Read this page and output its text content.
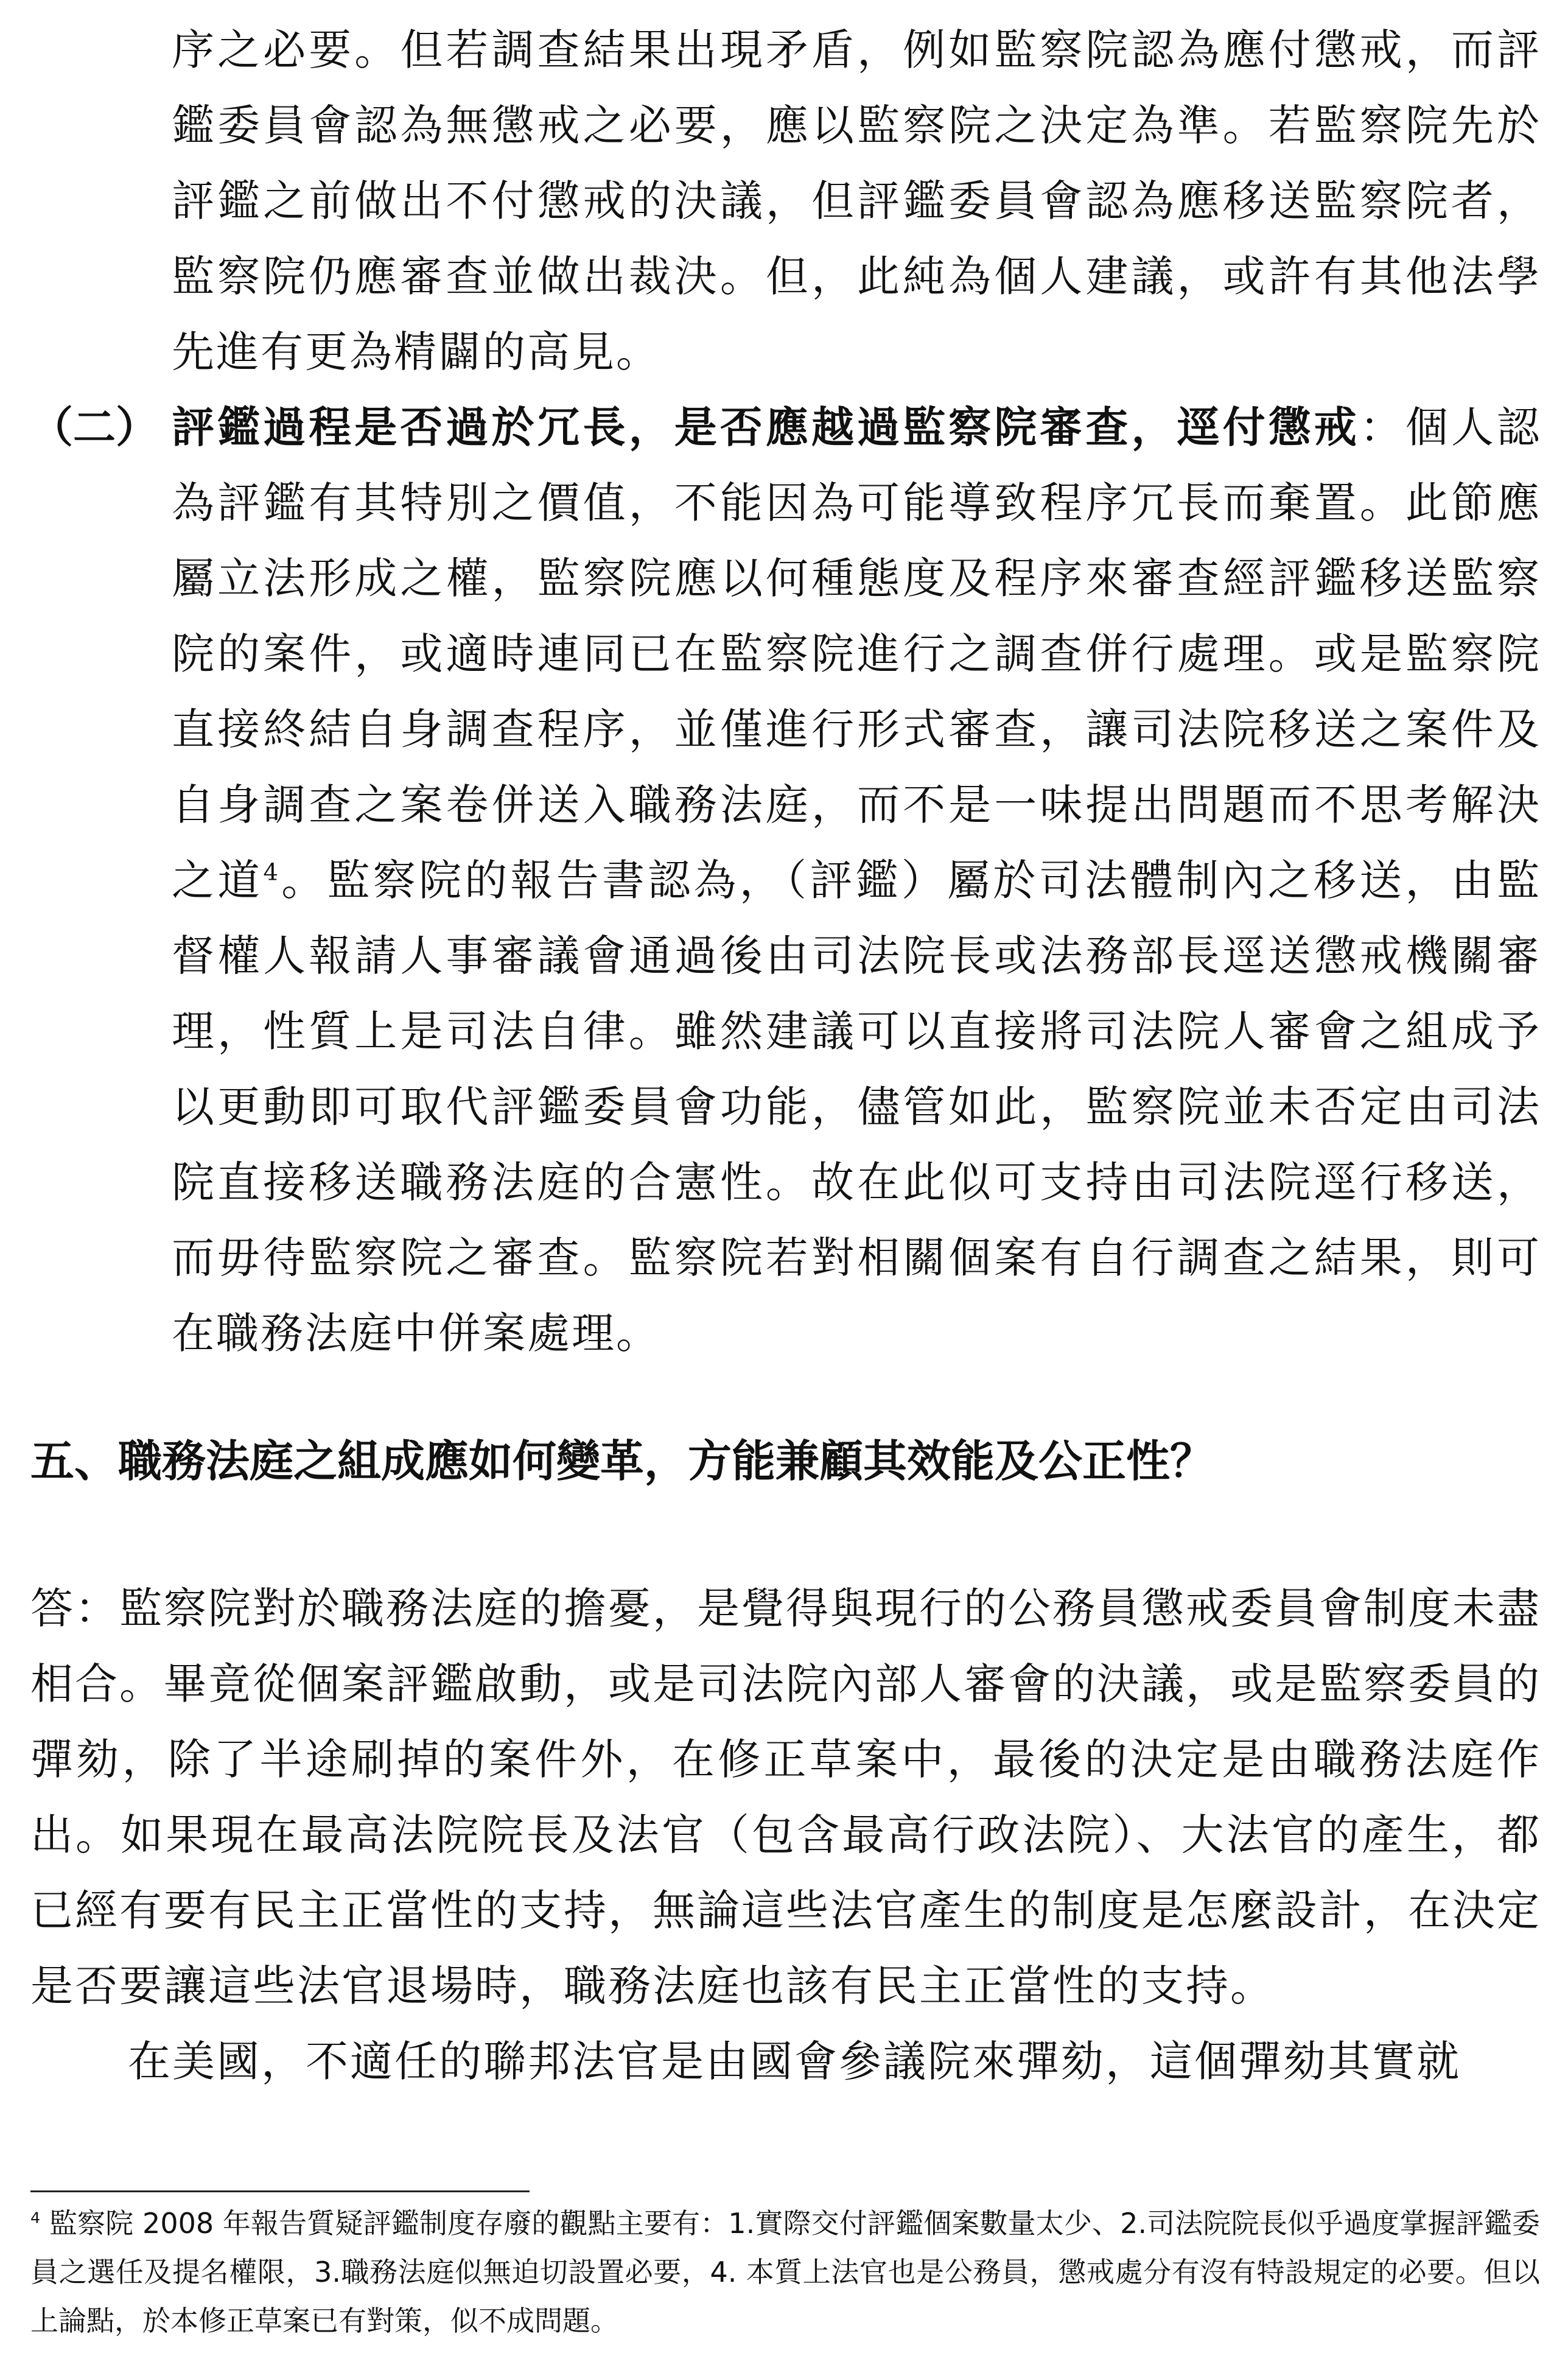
序之必要。但若調查結果出現矛盾，例如監察院認為應付懲戒，而評鑑委員會認為無懲戒之必要，應以監察院之決定為準。若監察院先於評鑑之前做出不付懲戒的決議，但評鑑委員會認為應移送監察院者，監察院仍應審查並做出裁決。但，此純為個人建議，或許有其他法學先進有更為精闢的高見。

（二） 評鑑過程是否過於冗長，是否應越過監察院審查，逕付懲戒：個人認為評鑑有其特別之價值，不能因為可能導致程序冗長而棄置。此節應屬立法形成之權，監察院應以何種態度及程序來審查經評鑑移送監察院的案件，或適時連同已在監察院進行之調查併行處理。或是監察院直接終結自身調查程序，並僅進行形式審查，讓司法院移送之案件及自身調查之案卷併送入職務法庭，而不是一味提出問題而不思考解決之道$^4$。監察院的報告書認為，（評鑑）屬於司法體制內之移送，由監督權人報請人事審議會通過後由司法院長或法務部長逕送懲戒機關審理，性質上是司法自律。雖然建議可以直接將司法院人審會之組成予以更動即可取代評鑑委員會功能，儘管如此，監察院並未否定由司法院直接移送職務法庭的合憲性。故在此似可支持由司法院逕行移送，而毋待監察院之審查。監察院若對相關個案有自行調查之結果，則可在職務法庭中併案處理。

五、職務法庭之組成應如何變革，方能兼顧其效能及公正性？

答：監察院對於職務法庭的擔憂，是覺得與現行的公務員懲戒委員會制度未盡相合。畢竟從個案評鑑啟動，或是司法院內部人審會的決議，或是監察委員的彈劾，除了半途刷掉的案件外，在修正草案中，最後的決定是由職務法庭作出。如果現在最高法院院長及法官（包含最高行政法院）、大法官的產生，都已經有要有民主正當性的支持，無論這些法官產生的制度是怎麼設計，在決定是否要讓這些法官退場時，職務法庭也該有民主正當性的支持。

在美國，不適任的聯邦法官是由國會參議院來彈劾，這個彈劾其實就

$^4$ 監察院 2008 年報告質疑評鑑制度存廢的觀點主要有：1.實際交付評鑑個案數量太少、2.司法院院長似乎過度掌握評鑑委員之選任及提名權限，3.職務法庭似無迫切設置必要，4. 本質上法官也是公務員，懲戒處分有沒有特設規定的必要。但以上論點，於本修正草案已有對策，似不成問題。
